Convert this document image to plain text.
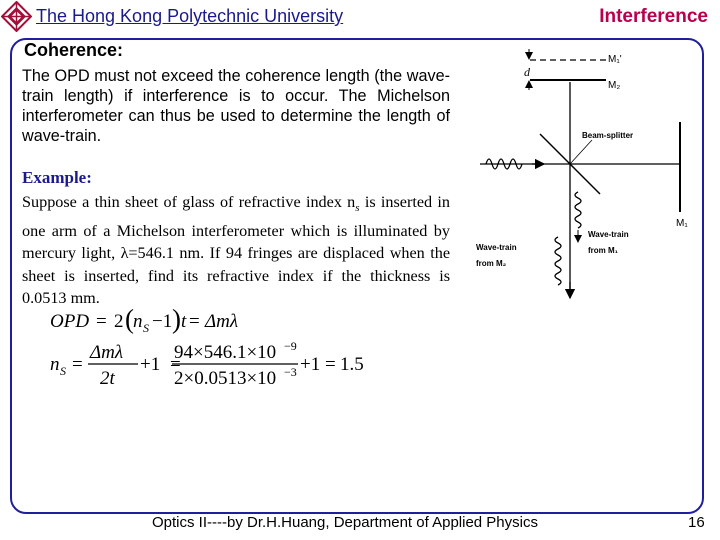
The Hong Kong Polytechnic University	Interference
Coherence:
The OPD must not exceed the coherence length (the wave-train length) if interference is to occur. The Michelson interferometer can thus be used to determine the length of wave-train.
Example:
Suppose a thin sheet of glass of refractive index $n_s$ is inserted in one arm of a Michelson interferometer which is illuminated by mercury light, λ=546.1 nm. If 94 fringes are displaced when the sheet is inserted, find its refractive index if the thickness is 0.0513 mm.
OPD = 2 ( n S −1 ) t = Δmλ
n S =
Δmλ
2t
+1 =
94×546.1×10 −9
2×0.0513×10 −3 +1 = 1.5
d
M₁'
M₂
M₁
Beam-splitter
Wave-train
from M₁
Wave-train
from M₂
Optics II----by Dr.H.Huang, Department of Applied Physics	16
